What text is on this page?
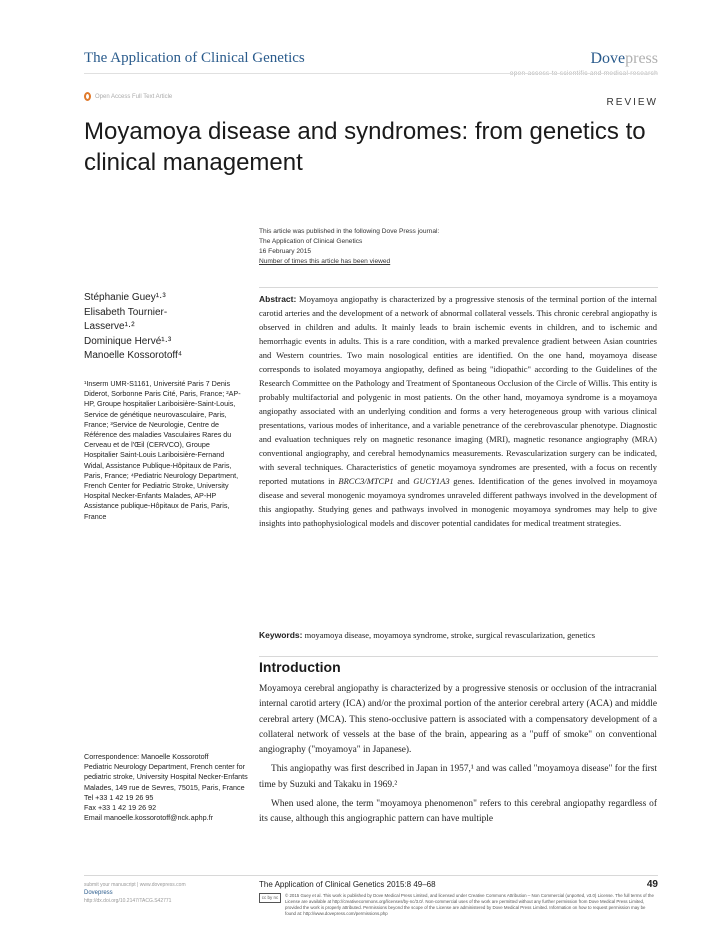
The Application of Clinical Genetics	Dovepress
open access to scientific and medical research
Open Access Full Text Article
REVIEW
Moyamoya disease and syndromes: from genetics to clinical management
This article was published in the following Dove Press journal:
The Application of Clinical Genetics
16 February 2015
Number of times this article has been viewed
Stéphanie Guey¹·³
Elisabeth Tournier-
Lasserve¹·²
Dominique Hervé¹·³
Manoelle Kossorotoff⁴
¹Inserm UMR-S1161, Université Paris 7 Denis Diderot, Sorbonne Paris Cité, Paris, France; ²AP-HP, Groupe hospitalier Lariboisière-Saint-Louis, Service de génétique neurovasculaire, Paris, France; ³Service de Neurologie, Centre de Référence des maladies Vasculaires Rares du Cerveau et de l'Œil (CERVCO), Groupe Hospitalier Saint-Louis Lariboisière-Fernand Widal, Assistance Publique-Hôpitaux de Paris, Paris, France; ⁴Pediatric Neurology Department, French Center for Pediatric Stroke, University Hospital Necker-Enfants Malades, AP-HP Assistance publique-Hôpitaux de Paris, Paris, France
Abstract: Moyamoya angiopathy is characterized by a progressive stenosis of the terminal portion of the internal carotid arteries and the development of a network of abnormal collateral vessels. This chronic cerebral angiopathy is observed in children and adults. It mainly leads to brain ischemic events in children, and to ischemic and hemorrhagic events in adults. This is a rare condition, with a marked prevalence gradient between Asian countries and Western countries. Two main nosological entities are identified. On the one hand, moyamoya disease corresponds to isolated moyamoya angiopathy, defined as being "idiopathic" according to the Guidelines of the Research Committee on the Pathology and Treatment of Spontaneous Occlusion of the Circle of Willis. This entity is probably multifactorial and polygenic in most patients. On the other hand, moyamoya syndrome is a moyamoya angiopathy associated with an underlying condition and forms a very heterogeneous group with various clinical presentations, various modes of inheritance, and a variable penetrance of the cerebrovascular phenotype. Diagnostic and evaluation techniques rely on magnetic resonance imaging (MRI), magnetic resonance angiography (MRA) conventional angiography, and cerebral hemodynamics measurements. Revascularization surgery can be indicated, with several techniques. Characteristics of genetic moyamoya syndromes are presented, with a focus on recently reported mutations in BRCC3/MTCP1 and GUCY1A3 genes. Identification of the genes involved in moyamoya disease and several monogenic moyamoya syndromes unraveled different pathways involved in the development of this angiopathy. Studying genes and pathways involved in monogenic moyamoya syndromes may help to give insights into pathophysiological models and discover potential candidates for medical treatment strategies.
Keywords: moyamoya disease, moyamoya syndrome, stroke, surgical revascularization, genetics
Introduction

Moyamoya cerebral angiopathy is characterized by a progressive stenosis or occlusion of the intracranial internal carotid artery (ICA) and/or the proximal portion of the anterior cerebral artery (ACA) and middle cerebral artery (MCA). This steno-occlusive pattern is associated with a compensatory development of a collateral network of vessels at the base of the brain, appearing as a "puff of smoke" on conventional angiography ("moyamoya" in Japanese).

This angiopathy was first described in Japan in 1957,¹ and was called "moyamoya disease" for the first time by Suzuki and Takaku in 1969.²

When used alone, the term "moyamoya phenomenon" refers to this cerebral angiopathy regardless of its cause, although this angiographic pattern can have multiple

Correspondence: Manoelle Kossorotoff
Pediatric Neurology Department, French center for pediatric stroke, University Hospital Necker-Enfants Malades, 149 rue de Sevres, 75015, Paris, France
Tel +33 1 42 19 26 95
Fax +33 1 42 19 26 92
Email manoelle.kossorotoff@nck.aphp.fr
submit your manuscript | www.dovepress.com
Dovepress
http://dx.doi.org/10.2147/TACG.S42771
The Application of Clinical Genetics 2015:8 49–68	49
cc by nc	© 2015 Guey et al. This work is published by Dove Medical Press Limited, and licensed under Creative Commons Attribution – Non Commercial (unported, v3.0) License. The full terms of the License are available at http://creativecommons.org/licenses/by-nc/3.0/. Non-commercial uses of the work are permitted without any further permission from Dove Medical Press Limited, provided the work is properly attributed. Permissions beyond the scope of the License are administered by Dove Medical Press Limited. Information on how to request permission may be found at: http://www.dovepress.com/permissions.php
